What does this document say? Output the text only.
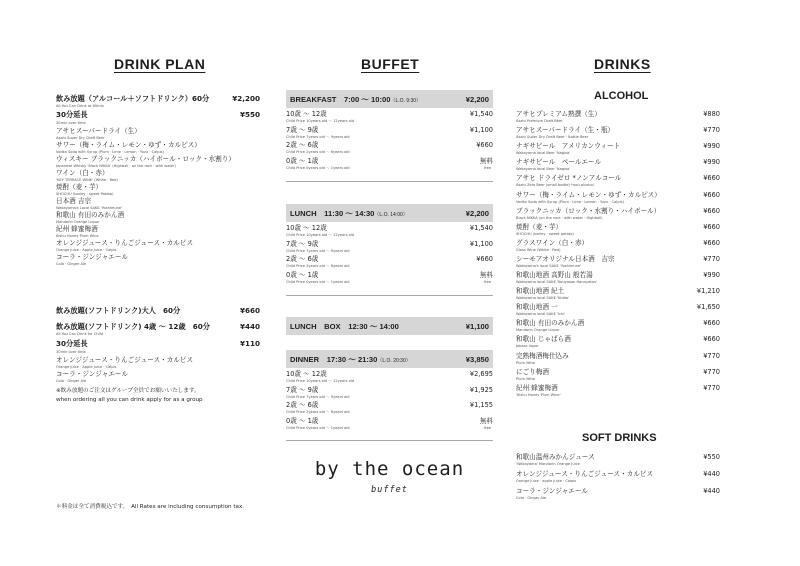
DRINK PLAN	BUFFET	DRINKS
飲み放題（アルコール＋ソフトドリンク）60分	¥2,200
All You Can Drink at 60min
30分延長	¥550
30min over time
アサヒスーパードライ（生）
Asahi Super Dry Draft Beer
サワー（梅・ライム・レモン・ゆず・カルピス）
Vodka Soda with Syrup (Plum · Lime · Lemon · Yuzu · Calpis)
ウィスキー ブラックニッカ（ハイボール・ロック・水割り）
Japanese Whisky 'Black NIKKA' (Highball · on the rock · with water)
ワイン（白・赤）
'KEY TERRACE WINE' (White · Red)
焼酎（麦・芋）
SHOCHU (barley · sweet Potato)
日本酒 吉宗
Wakayama's Local SAKE 'Yoshimune'
和歌山 有田のみかん酒
Mandarin Orange Liquor
紀州 蜂蜜梅酒
Kishu Honey Plum Wine
オレンジジュース・りんごジュース・カルピス
Orange juice · Apple juice · Calpis
コーラ・ジンジャエール
Cola · Ginger Ale
飲み放題(ソフトドリンク)大人　60分	¥660
飲み放題(ソフトドリンク) 4歳 〜 12歳　60分	¥440
All You Can Drink for Child
30分延長	¥110
30min over time
オレンジジュース・りんごジュース・カルピス
Orange juice · Apple juice · Calpis
コーラ・ジンジャエール
Cola · Ginger Ale
※飲み放題のご注文はグループ全員でお願いいたします。
when ordering all you can drink apply for as a group
＊料金は全て消費税込です。　All Rates are including consumption tax.
BREAKFAST　7:00 〜 10:00（L.O. 9:30）	¥2,200
10歳 〜 12歳	¥1,540
Child Price 10years old 〜 12years old
7歳 〜 9歳	¥1,100
Child Price 7years old 〜 9years old
2歳 〜 6歳	¥660
Child Price 2years old 〜 6years old
0歳 〜 1歳	無料
Child Price 0years old 〜 1years old	free
LUNCH　11:30 〜 14:30（L.O. 14:00）	¥2,200
10歳 〜 12歳	¥1,540
Child Price 10years old 〜 12years old
7歳 〜 9歳	¥1,100
Child Price 7years old 〜 9years old
2歳 〜 6歳	¥660
Child Price 2years old 〜 6years old
0歳 〜 1歳	無料
Child Price 0years old 〜 1years old	free
LUNCH　BOX　12:30 〜 14:00	¥1,100
DINNER　17:30 〜 21:30（L.O. 20:30）	¥3,850
10歳 〜 12歳	¥2,695
Child Price 10years old 〜 12years old
7歳 〜 9歳	¥1,925
Child Price 7years old 〜 9years old
2歳 〜 6歳	¥1,155
Child Price 2years old 〜 6years old
0歳 〜 1歳	無料
Child Price 0years old 〜 1years old	free
by the ocean
buffet
ALCOHOL
アサヒプレミアム熟撰（生）	¥880
Asahi Premium Draft Beer
アサヒスーパードライ（生・瓶）	¥770
Asahi Super Dry Draft Beer · Bottle Beer
ナギサビール　アメリカンウィート	¥990
Wakayama local Beer 'Nagisa'
ナギサビール　ペールエール	¥990
Wakayama local Beer 'Nagisa'
アサヒ ドライゼロ *ノンアルコール	¥660
Asahi Zero Beer (small bottle) *non-alcohol
サワー（梅・ライム・レモン・ゆず・カルピス）	¥660
Vodka Soda with Syrup (Plum · Lime · Lemon · Yuzu · Calpis)
ブラックニッカ（ロック・水割り・ハイボール）	¥660
Black NIKKA (on the rock · with water · Highball)
焼酎（麦・芋）	¥660
SHOCHU (barley · sweet potato)
グラスワイン（白・赤）	¥660
Glass Wine (White · Red)
シーモアオリジナル日本酒　吉宗	¥770
Wakayama's local SAKE 'Yoshimune'
和歌山地酒 高野山 般若湯	¥990
Wakayama local SAKE 'Kouyasan Hannyatou'
和歌山地酒 紀土	¥1,210
Wakayama local SAKE 'Kiddo'
和歌山地酒 一	¥1,650
Wakayama local SAKE 'Ichi'
和歌山 有田のみかん酒	¥660
Mandarin Orange Liquor
和歌山 じゃばら酒	¥660
Jabara liquor
完熟梅酒梅仕込み	¥770
Plum Wine
にごり梅酒	¥770
Plum Wine
紀州 蜂蜜梅酒	¥770
'Kishu Honey Plum Wine'
SOFT DRINKS
和歌山温州みかんジュース	¥550
'Wakayama' Mandarin Orange Juice
オレンジジュース・りんごジュース・カルピス	¥440
Orange juice · apple juice · Calpis
コーラ・ジンジャエール	¥440
Cola · Ginger Ale
